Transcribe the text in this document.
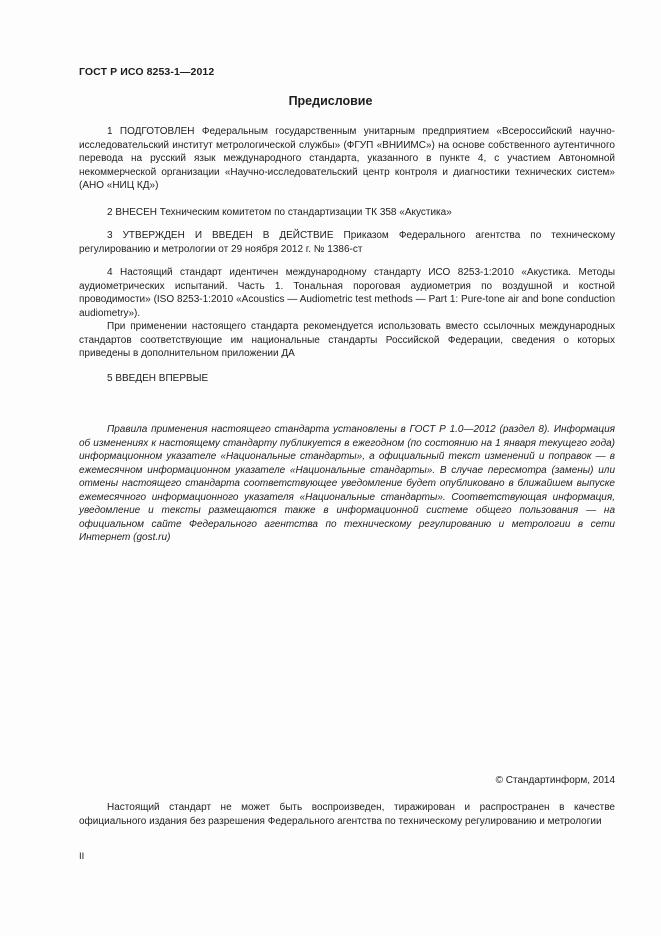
ГОСТ Р ИСО 8253-1—2012
Предисловие

1 ПОДГОТОВЛЕН Федеральным государственным унитарным предприятием «Всероссийский научно-исследовательский институт метрологической службы» (ФГУП «ВНИИМС») на основе собственного аутентичного перевода на русский язык международного стандарта, указанного в пункте 4, с участием Автономной некоммерческой организации «Научно-исследовательский центр контроля и диагностики технических систем» (АНО «НИЦ КД»)

2 ВНЕСЕН Техническим комитетом по стандартизации ТК 358 «Акустика»

3 УТВЕРЖДЕН И ВВЕДЕН В ДЕЙСТВИЕ Приказом Федерального агентства по техническому регулированию и метрологии от 29 ноября 2012 г. № 1386-ст

4 Настоящий стандарт идентичен международному стандарту ИСО 8253-1:2010 «Акустика. Методы аудиометрических испытаний. Часть 1. Тональная пороговая аудиометрия по воздушной и костной проводимости» (ISO 8253-1:2010 «Acoustics — Audiometric test methods — Part 1: Pure-tone air and bone conduction audiometry»).

При применении настоящего стандарта рекомендуется использовать вместо ссылочных международных стандартов соответствующие им национальные стандарты Российской Федерации, сведения о которых приведены в дополнительном приложении ДА

5 ВВЕДЕН ВПЕРВЫЕ

Правила применения настоящего стандарта установлены в ГОСТ Р 1.0—2012 (раздел 8). Информация об изменениях к настоящему стандарту публикуется в ежегодном (по состоянию на 1 января текущего года) информационном указателе «Национальные стандарты», а официальный текст изменений и поправок — в ежемесячном информационном указателе «Национальные стандарты». В случае пересмотра (замены) или отмены настоящего стандарта соответствующее уведомление будет опубликовано в ближайшем выпуске ежемесячного информационного указателя «Национальные стандарты». Соответствующая информация, уведомление и тексты размещаются также в информационной системе общего пользования — на официальном сайте Федерального агентства по техническому регулированию и метрологии в сети Интернет (gost.ru)

© Стандартинформ, 2014

Настоящий стандарт не может быть воспроизведен, тиражирован и распространен в качестве официального издания без разрешения Федерального агентства по техническому регулированию и метрологии

II
